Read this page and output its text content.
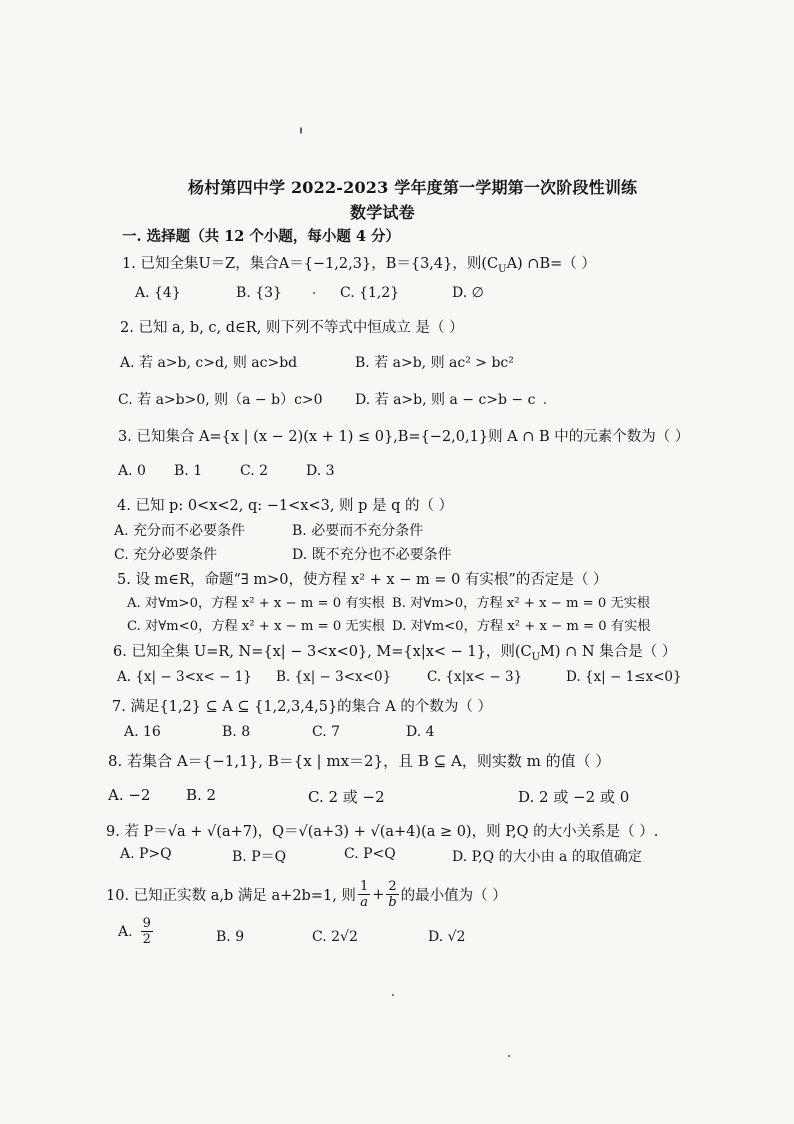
杨村第四中学 2022-2023 学年度第一学期第一次阶段性训练
数学试卷
一. 选择题（共 12 个小题，每小题 4 分）
1. 已知全集U＝Z，集合A＝{−1,2,3}，B＝{3,4}，则$(C_UA)$ ∩B=（ ）
A. {4}	B. {3}	C. {1,2}	D. ∅
2. 已知 a, b, c, d∈R, 则下列不等式中恒成立 是（ ）
A. 若 a>b, c>d, 则 ac>bd	B. 若 a>b, 则 ac² > bc²
C. 若 a>b>0, 则（a − b）c>0 D. 若 a>b, 则 a − c>b − c
3. 已知集合 A={x | (x − 2)(x + 1) ≤ 0},B={−2,0,1}则 A ∩ B 中的元素个数为（ ）
A. 0 B. 1	C. 2	D. 3
4. 已知 p: 0<x<2, q: −1<x<3, 则 p 是 q 的（ ）
A. 充分而不必要条件	B. 必要而不充分条件
C. 充分必要条件	D. 既不充分也不必要条件
5. 设 m∈R，命题“∃ m>0，使方程 x² + x − m = 0 有实根”的否定是（ ）
A. 对∀m>0，方程 x² + x − m = 0 有实根 B. 对∀m>0，方程 x² + x − m = 0 无实根
C. 对∀m<0，方程 x² + x − m = 0 无实根 D. 对∀m<0，方程 x² + x − m = 0 有实根
6. 已知全集 U=R, N={x| − 3<x<0}, M={x|x< − 1}，则$(C_UM)$ ∩ N 集合是（ ）
A. {x| − 3<x< − 1} B. {x| − 3<x<0}	C. {x|x< − 3}	D. {x| − 1≤x<0}
7. 满足{1,2} ⊆ A ⊆ {1,2,3,4,5}的集合 A 的个数为（ ）
A. 16	B. 8	C. 7	D. 4
8. 若集合 A＝{−1,1}, B＝{x | mx＝2}，且 B ⊆ A，则实数 m 的值（ ）
A. −2 B. 2	C. 2 或 −2	D. 2 或 −2 或 0
9. 若 P＝√a + √(a+7)，Q＝√(a+3) + √(a+4)(a ≥ 0)，则 P,Q 的大小关系是（ ）.
A. P>Q	B. P＝Q	C. P<Q	D. P,Q 的大小由 a 的取值确定
10. 已知正实数 a,b 满足 a+2b=1, 则 $\frac{1}{a} + \frac{2}{b}$ 的最小值为（ ）
A. $\frac{9}{2}$	B. 9	C. 2√2	D. √2
